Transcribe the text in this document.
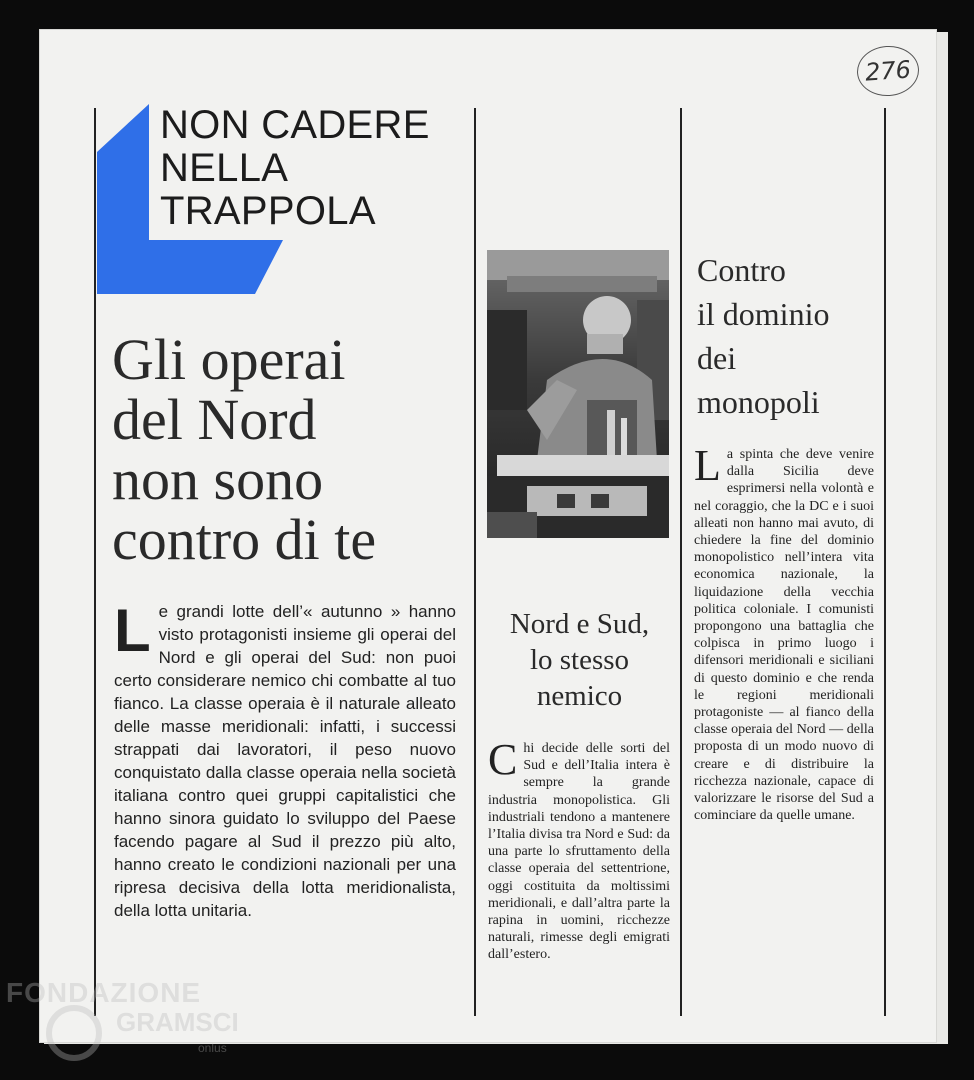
276
NON CADERE
NELLA
TRAPPOLA
Gli operai
del Nord
non sono
contro di te

L e grandi lotte dell’« autunno » hanno visto protagonisti insieme gli operai del Nord e gli operai del Sud: non puoi certo considerare nemico chi combatte al tuo fianco. La classe operaia è il naturale alleato delle masse meridionali: infatti, i successi strappati dai lavoratori, il peso nuovo conquistato dalla classe operaia nella società italiana contro quei gruppi capitalistici che hanno sinora guidato lo sviluppo del Paese facendo pagare al Sud il prezzo più alto, hanno creato le condizioni nazionali per una ripresa decisiva della lotta meridionalista, della lotta unitaria.

Nord e Sud,
lo stesso
nemico

C hi decide delle sorti del Sud e dell’Italia intera è sempre la grande industria monopolistica. Gli industriali tendono a mantenere l’Italia divisa tra Nord e Sud: da una parte lo sfruttamento della classe operaia del settentrione, oggi costituita da moltissimi meridionali, e dall’altra parte la rapina in uomini, ricchezze naturali, rimesse degli emigrati dall’estero.

Contro
il dominio
dei
monopoli

L a spinta che deve venire dalla Sicilia deve esprimersi nella volontà e nel coraggio, che la DC e i suoi alleati non hanno mai avuto, di chiedere la fine del dominio monopolistico nell’intera vita economica nazionale, la liquidazione della vecchia politica coloniale. I comunisti propongono una battaglia che colpisca in primo luogo i difensori meridionali e siciliani di questo dominio e che renda le regioni meridionali protagoniste — al fianco della classe operaia del Nord — della proposta di un modo nuovo di creare e di distribuire la ricchezza nazionale, capace di valorizzare le risorse del Sud a cominciare da quelle umane.

FONDAZIONE
GRAMSCI
onlus
